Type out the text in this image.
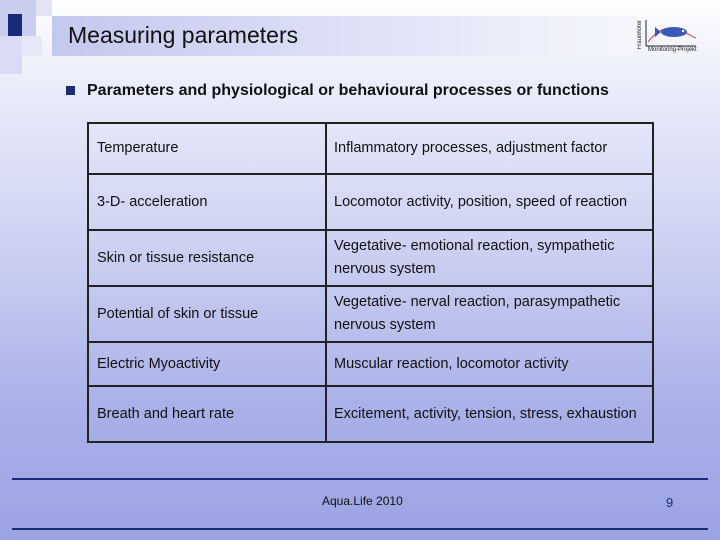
Measuring parameters	Fraunhofer
Monitoring-Projekt
Parameters and physiological or behavioural processes or functions
Temperature	Inflammatory processes, adjustment factor
3-D- acceleration	Locomotor activity, position, speed of reaction
Skin or tissue resistance	Vegetative- emotional reaction, sympathetic nervous system
Potential of skin or tissue	Vegetative- nerval reaction, parasympathetic nervous system
Electric Myoactivity	Muscular reaction, locomotor activity
Breath and heart rate	Excitement, activity, tension, stress, exhaustion
Aqua.Life 2010	9
